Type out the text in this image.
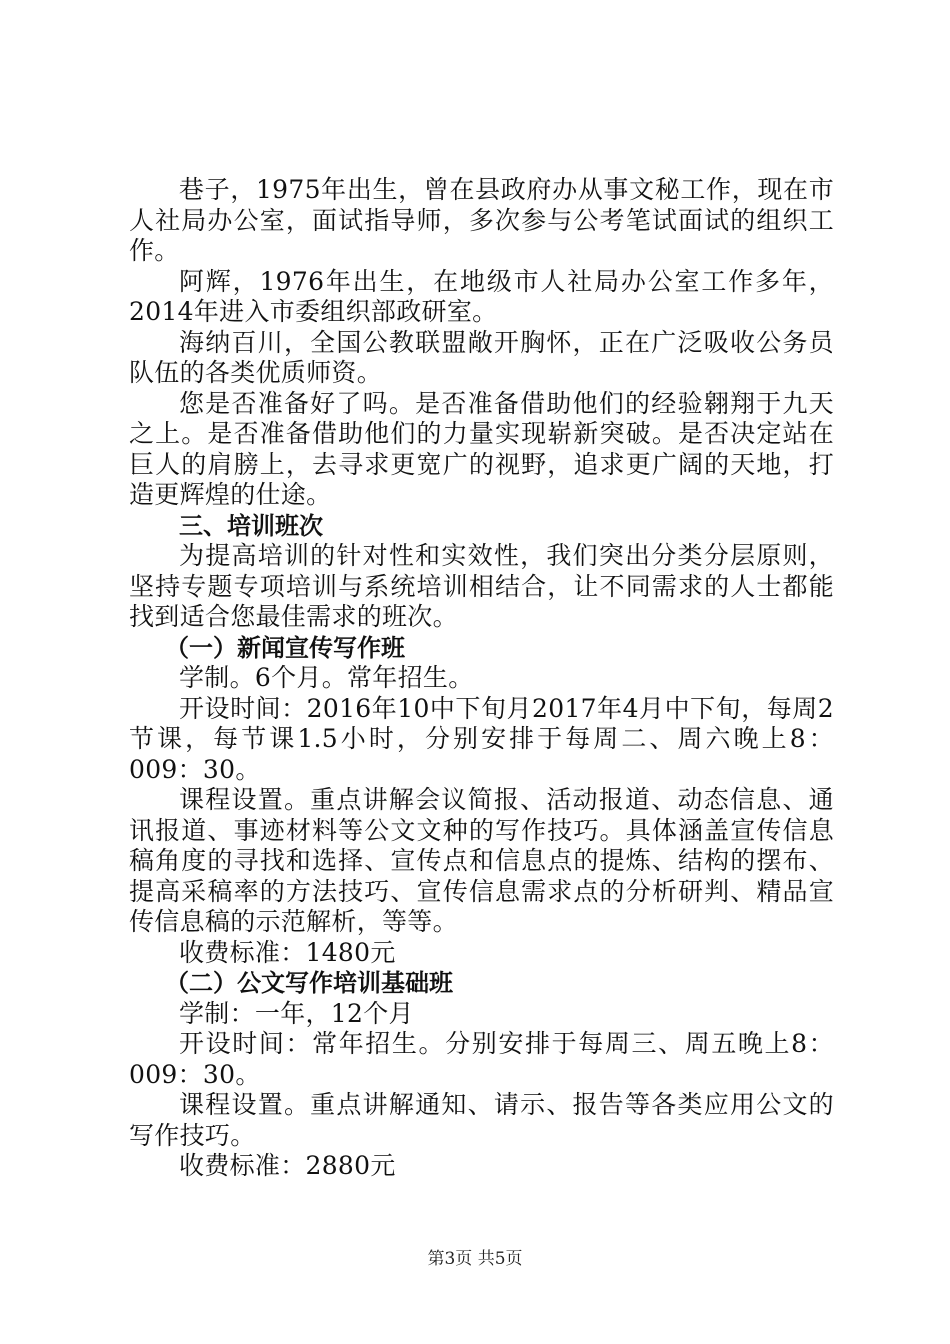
巷子，1975年出生，曾在县政府办从事文秘工作，现在市人社局办公室，面试指导师，多次参与公考笔试面试的组织工作。

阿辉，1976年出生，在地级市人社局办公室工作多年，2014年进入市委组织部政研室。

海纳百川，全国公教联盟敞开胸怀，正在广泛吸收公务员队伍的各类优质师资。

您是否准备好了吗。是否准备借助他们的经验翱翔于九天之上。是否准备借助他们的力量实现崭新突破。是否决定站在巨人的肩膀上，去寻求更宽广的视野，追求更广阔的天地，打造更辉煌的仕途。

三、培训班次

为提高培训的针对性和实效性，我们突出分类分层原则，坚持专题专项培训与系统培训相结合，让不同需求的人士都能找到适合您最佳需求的班次。

（一）新闻宣传写作班

学制。6个月。常年招生。

开设时间：2016年10中下旬月2017年4月中下旬，每周2节课，每节课1.5小时，分别安排于每周二、周六晚上8：009：30。

课程设置。重点讲解会议简报、活动报道、动态信息、通讯报道、事迹材料等公文文种的写作技巧。具体涵盖宣传信息稿角度的寻找和选择、宣传点和信息点的提炼、结构的摆布、提高采稿率的方法技巧、宣传信息需求点的分析研判、精品宣传信息稿的示范解析，等等。

收费标准：1480元

（二）公文写作培训基础班

学制：一年，12个月

开设时间：常年招生。分别安排于每周三、周五晚上8：009：30。

课程设置。重点讲解通知、请示、报告等各类应用公文的写作技巧。

收费标准：2880元

第3页 共5页
